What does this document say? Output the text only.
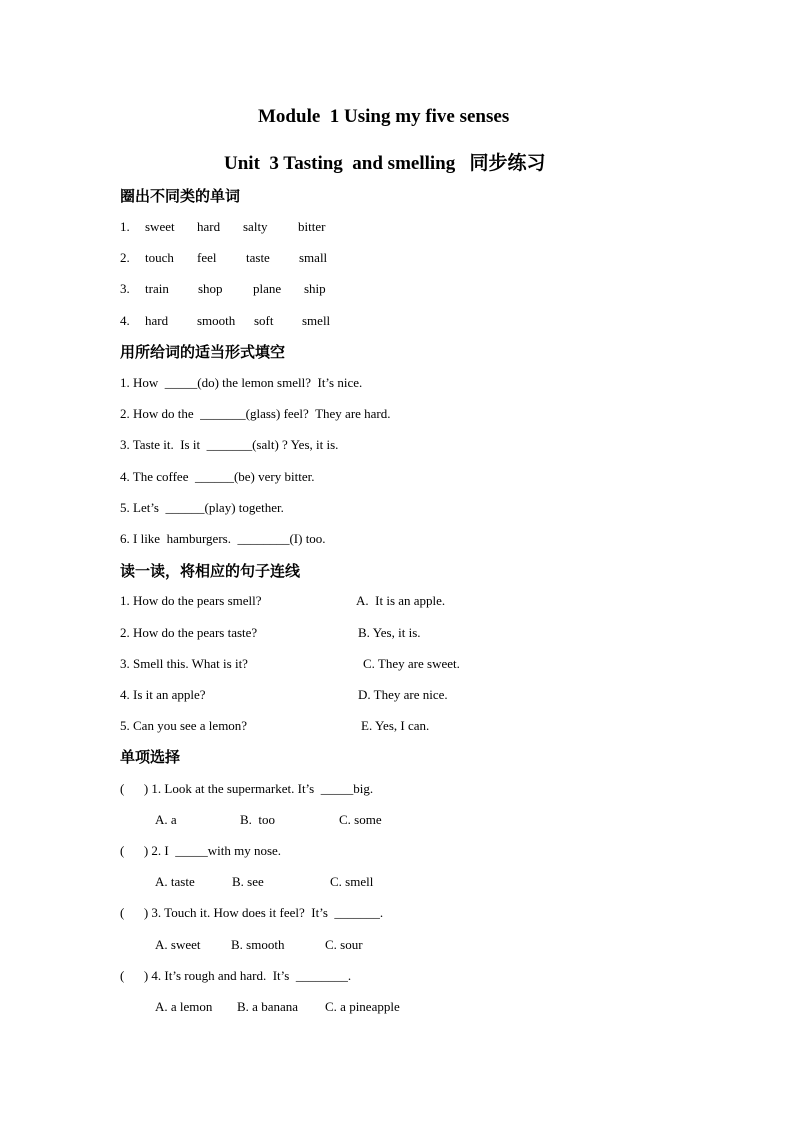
Module  1 Using my five senses
Unit  3 Tasting  and smelling   同步练习
圈出不同类的单词
1. sweet hard salty bitter
2. touch feel taste small
3. train shop plane ship
4. hard smooth soft smell
用所给词的适当形式填空
1. How  _____(do) the lemon smell?  It’s nice.
2. How do the  _______(glass) feel?  They are hard.
3. Taste it.  Is it  _______(salt) ? Yes, it is.
4. The coffee  ______(be) very bitter.
5. Let’s  ______(play) together.
6. I like  hamburgers.  ________(I) too.
读一读，将相应的句子连线
1. How do the pears smell?	A.  It is an apple.
2. How do the pears taste?	B. Yes, it is.
3. Smell this. What is it?	C. They are sweet.
4. Is it an apple?	D. They are nice.
5. Can you see a lemon?	E. Yes, I can.
单项选择
(      ) 1. Look at the supermarket. It’s  _____big.
A. a	B.  too	C. some
(      ) 2. I  _____with my nose.
A. taste	B. see	C. smell
(      ) 3. Touch it. How does it feel?  It’s  _______.
A. sweet B. smooth	C. sour
(      ) 4. It’s rough and hard.  It’s  ________.
A. a lemon B. a banana C. a pineapple
